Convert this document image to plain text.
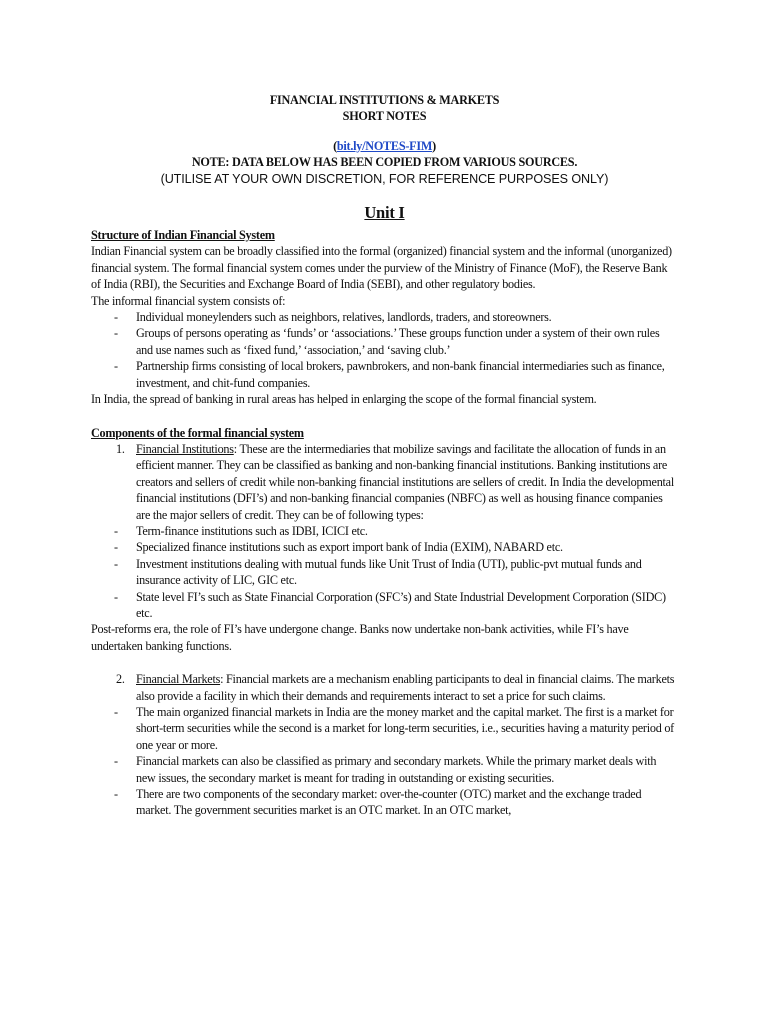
FINANCIAL INSTITUTIONS & MARKETS
SHORT NOTES
(bit.ly/NOTES-FIM)
NOTE: DATA BELOW HAS BEEN COPIED FROM VARIOUS SOURCES.
(UTILISE AT YOUR OWN DISCRETION, FOR REFERENCE PURPOSES ONLY)
Unit I
Structure of Indian Financial System

Indian Financial system can be broadly classified into the formal (organized) financial system and the informal (unorganized) financial system. The formal financial system comes under the purview of the Ministry of Finance (MoF), the Reserve Bank of India (RBI), the Securities and Exchange Board of India (SEBI), and other regulatory bodies.

The informal financial system consists of:

- Individual moneylenders such as neighbors, relatives, landlords, traders, and storeowners.
- Groups of persons operating as ‘funds’ or ‘associations.’ These groups function under a system of their own rules and use names such as ‘fixed fund,’ ‘association,’ and ‘saving club.’
- Partnership firms consisting of local brokers, pawnbrokers, and non-bank financial intermediaries such as finance, investment, and chit-fund companies.

In India, the spread of banking in rural areas has helped in enlarging the scope of the formal financial system.

Components of the formal financial system
1. Financial Institutions: These are the intermediaries that mobilize savings and facilitate the allocation of funds in an efficient manner. They can be classified as banking and non-banking financial institutions. Banking institutions are creators and sellers of credit while non-banking financial institutions are sellers of credit. In India the developmental financial institutions (DFI’s) and non-banking financial companies (NBFC) as well as housing finance companies are the major sellers of credit. They can be of following types:
- Term-finance institutions such as IDBI, ICICI etc.
- Specialized finance institutions such as export import bank of India (EXIM), NABARD etc.
- Investment institutions dealing with mutual funds like Unit Trust of India (UTI), public-pvt mutual funds and insurance activity of LIC, GIC etc.
- State level FI’s such as State Financial Corporation (SFC’s) and State Industrial Development Corporation (SIDC) etc.

Post-reforms era, the role of FI’s have undergone change. Banks now undertake non-bank activities, while FI’s have undertaken banking functions.

2. Financial Markets: Financial markets are a mechanism enabling participants to deal in financial claims. The markets also provide a facility in which their demands and requirements interact to set a price for such claims.
- The main organized financial markets in India are the money market and the capital market. The first is a market for short-term securities while the second is a market for long-term securities, i.e., securities having a maturity period of one year or more.
- Financial markets can also be classified as primary and secondary markets. While the primary market deals with new issues, the secondary market is meant for trading in outstanding or existing securities.
- There are two components of the secondary market: over-the-counter (OTC) market and the exchange traded market. The government securities market is an OTC market. In an OTC market,
